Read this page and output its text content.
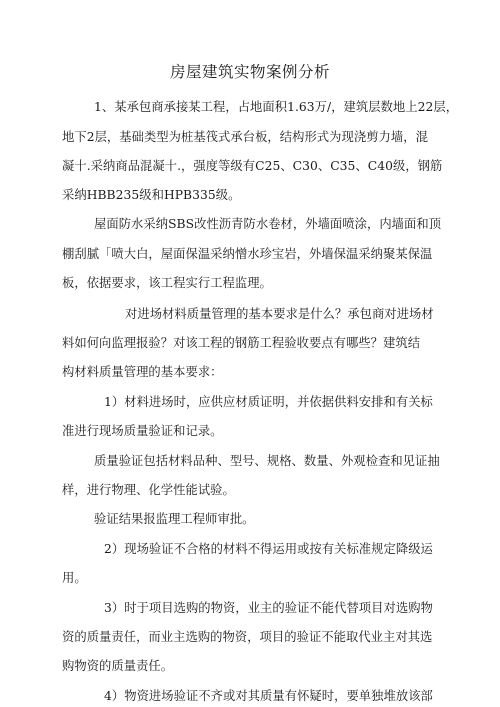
房屋建筑实物案例分析
1、某承包商承接某工程，占地面积1.63万/，建筑层数地上22层，
地下2层，基础类型为桩基筏式承台板，结构形式为现浇剪力墙，混
凝十.采纳商品混凝十.，强度等级有C25、C30、C35、C40级，钢筋
采纳HBB235级和HPB335级。
屋面防水采纳SBS改性沥青防水卷材，外墙面喷涂，内墙面和顶
棚刮腻「喷大白，屋面保温采纳憎水珍宝岩，外墙保温采纳聚某保温
板，依据要求，该工程实行工程监理。
对进场材料质量管理的基本要求是什么？承包商对进场材
料如何向监理报验？对该工程的钢筋工程验收要点有哪些？建筑结
构材料质量管理的基本要求：
1）材料进场时，应供应材质证明，并依据供料安排和有关标
准进行现场质量验证和记录。
质量验证包括材料品种、型号、规格、数量、外观检查和见证抽
样，进行物理、化学性能试验。
验证结果报监理工程师审批。
2）现场验证不合格的材料不得运用或按有关标准规定降级运
用。
3）时于项目选购的物资，业主的验证不能代替项目对选购物
资的质量责任，而业主选购的物资，项目的验证不能取代业主对其选
购物资的质量责任。
4）物资进场验证不齐或对其质量有怀疑时，要单独堆放该部
